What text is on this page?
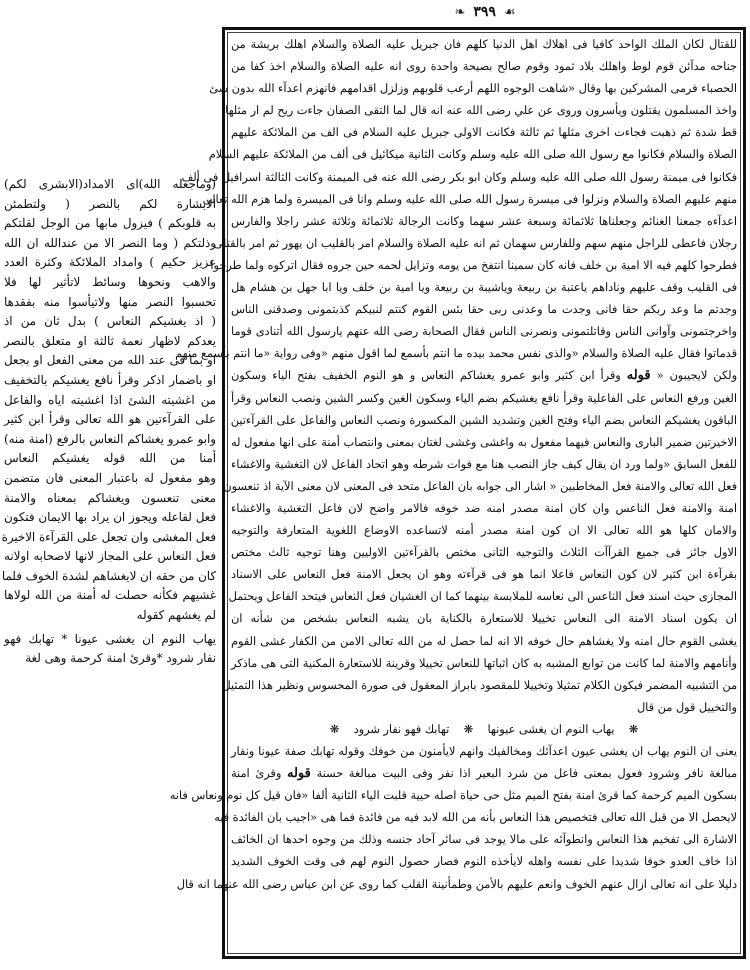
☙
٣٩٩
❧

للقتال لكان الملك الواحد كافيا فى اهلاك اهل الدنيا كلهم فان جبريل عليه الصلاة والسلام اهلك بريشة من

جناحه مدآئن قوم لوط واهلك بلاد ثمود وقوم صالح بصيحة واحدة روى انه عليه الصلاة والسلام اخذ كفا من

الحصباء فرمى المشركين بها وقال «شاهت الوجوه اللهم أرعب قلوبهم وزلزل اقدامهم فانهزم اعدآء الله بدون شئ

واخذ المسلمون يقتلون ويأسرون وروى عن علي رضى الله عنه انه قال لما التقى الصفان جاءت ريح لم ار مثلها

قط شدة ثم ذهبت فجاءت اخرى مثلها ثم ثالثة فكانت الاولى جبريل عليه السلام فى الف من الملائكة عليهم

الصلاة والسلام فكانوا مع رسول الله صلى الله عليه وسلم وكانت الثانية ميكائيل فى ألف من الملائكة عليهم السلام

فكانوا فى ميمنة رسول الله صلى الله عليه وسلم وكان ابو بكر رضى الله عنه فى الميمنة وكانت الثالثة اسرافيل فى ألف

منهم عليهم الصلاة والسلام ونزلوا فى ميسرة رسول الله صلى الله عليه وسلم وانا فى الميسرة ولما هزم الله تعالى

اعدآءه جمعنا الغنائم وجعلناها ثلاثمائة وسبعة عشر سهما وكانت الرجالة ثلاثمائة وثلاثة عشر راجلا والفارس

رجلان فاعطى للراجل منهم سهم وللفارس سهمان ثم انه عليه الصلاة والسلام امر بالقليب ان يهور ثم امر بالقتلى

فطرحوا كلهم فيه الا امية بن خلف فانه كان سمينا انتفخ من يومه وتزايل لحمه حين جروه فقال اتركوه ولما طرحوا

فى القليب وقف عليهم وناداهم ياعتبة بن ربيعة وياشيبة بن ربيعة ويا امية بن خلف ويا ابا جهل بن هشام هل

وجدتم ما وعد ربكم حقا فانى وجدت ما وعدنى ربى حقا بئس القوم كنتم لنبيكم كذبتمونى وصدقنى الناس

واخرجتمونى وآوانى الناس وقاتلتمونى ونصرنى الناس فقال الصحابة رضى الله عنهم يارسول الله أتنادى قوما

قدماتوا فقال عليه الصلاة والسلام «والذى نفس محمد بيده ما انتم بأسمع لما اقول منهم «وفى رواية «ما انتم بأسمع منهم

ولكن لايجيبون « قوله وقرأ ابن كثير وابو عمرو يغشاكم النعاس و هو النوم الخفيف بفتح الياء وسكون

الغين ورفع النعاس على الفاعلية وقرأ نافع يغشيكم بضم الياء وسكون الغين وكسر الشين ونصب النعاس وقرأ

الباقون يغشيكم النعاس بضم الياء وفتح الغين وتشديد الشين المكسورة ونصب النعاس والفاعل على القرآءتين

الاخيرتين ضمير البارى والنعاس فيهما مفعول به واغشى وغشى لغتان بمعنى وانتصاب أمنة على انها مفعول له

للفعل السابق «ولما ورد ان يقال كيف جاز النصب هنا مع فوات شرطه وهو اتحاد الفاعل لان التغشية والاغشاء

فعل الله تعالى والامنة فعل المخاطبين « اشار الى جوابه بان الفاعل متحد فى المعنى لان معنى الآية اذ تنعسون

امنة والامنة فعل الناعس وان كان امنة مصدر امنه ضد خوفه فالامر واضح لان فاعل التغشية والاغشاء

والامان كلها هو الله تعالى الا ان كون امنة مصدر أمنه لاتساعده الاوضاع اللغوية المتعارفة والتوجيه

الاول جائز فى جميع القرآآت الثلاث والتوجيه الثانى مختص بالقرآءتين الاوليين وهنا توجيه ثالث مختص

بقرآءة ابن كثير لان كون النعاس فاعلا انما هو فى قرآءته وهو ان يجعل الامنة فعل النعاس على الاسناد

المجازى حيث اسند فعل الناعس الى نعاسه للملابسة بينهما كما ان الغشيان فعل النعاس فيتحد الفاعل ويحتمل

ان يكون اسناد الامنة الى النعاس تخييلا للاستعارة بالكناية بان يشبه النعاس بشخص من شأنه ان

يغشى القوم حال امنه ولا يغشاهم حال خوفه الا انه لما حصل له من الله تعالى الامن من الكفار غشى القوم

وأنامهم والامنة لما كانت من توابع المشبه به كان اثباتها للنعاس تخييلا وقرينة للاستعارة المكنية التى هى ماذكر

من التشبيه المضمر فيكون الكلام تمثيلا وتخييلا للمقصود بابراز المعقول فى صورة المحسوس ونظير هذا التمثيل

والتخييل قول من قال

❋    يهاب النوم ان يغشى عيونها    ❋    تهابك فهو نفار شرود    ❋

يعنى ان النوم يهاب ان يغشى عيون اعدآئك ومخالفيك وانهم لايأمنون من خوفك وقوله تهابك صفة عيونا ونفار

مبالغة نافر وشرود فعول بمعنى فاعل من شرد البعير اذا نفر وفى البيت مبالغة حسنة قوله وقرئ امنة

بسكون الميم كرحمة كما قرئ امنة بفتح الميم مثل حى حياة اصله حيية قلبت الياء الثانية ألفا «فان قيل كل نوم ونعاس فانه

لايحصل الا من قبل الله تعالى فتخصيص هذا النعاس بأنه من الله لابد فيه من فائدة فما هى «اجيب بان الفائدة فيه

الاشارة الى تفخيم هذا النعاس وانطوآئه على مالا يوجد فى سائر آحاد جنسه وذلك من وجوه احدها ان الخائف

اذا خاف العدو خوفا شديدا على نفسه واهله لايأخذه النوم فصار حصول النوم لهم فى وقت الخوف الشديد

دليلا على انه تعالى ازال عنهم الخوف وانعم عليهم بالأمن وطمأنينة القلب كما روى عن ابن عباس رضى الله عنهما انه قال

(وماجعله الله)اى الامداد(الابشرى لكم)

الابشارة لكم بالنصر ( ولتطمئن

به قلوبكم ) فيزول مابها من الوجل لقلتكم

وذلتكم ( وما النصر الا من عندالله ان الله

عزيز حكيم ) وامداد الملائكة وكثرة العدد

والاهب ونحوها وسائط لاتأثير لها فلا

تحسبوا النصر منها ولاتيأسوا منه بفقدها

( اذ يغشيكم النعاس ) بدل ثان من اذ

يعدكم لاظهار نعمة ثالثة او متعلق بالنصر

او بما فى عند الله من معنى الفعل او بجعل

او باضمار اذكر وقرأ نافع يغشيكم بالتخفيف

من اغشيته الشئ اذا اغشيته اياه والفاعل

على القرآءتين هو الله تعالى وقرأ ابن كثير

وابو عمرو يغشاكم النعاس بالرفع (امنة منه)

أمنا من الله قوله يغشيكم النعاس

وهو مفعول له باعتبار المعنى فان متضمن

معنى تنعسون ويغشاكم بمعناه والامنة

فعل لفاعله ويجوز ان يراد بها الايمان فتكون

فعل المغشى وان تجعل على القرآءة الاخيرة

فعل النعاس على المجاز لانها لاصحابه اولانه

كان من حقه ان لايغشاهم لشدة الخوف فلما

غشيهم فكأنه حصلت له أمنة من الله لولاها

لم يغشهم كقوله

يهاب النوم ان يغشى عيونا * تهابك فهو

نفار شرود *وقرئ امنة كرحمة وهى لغة
